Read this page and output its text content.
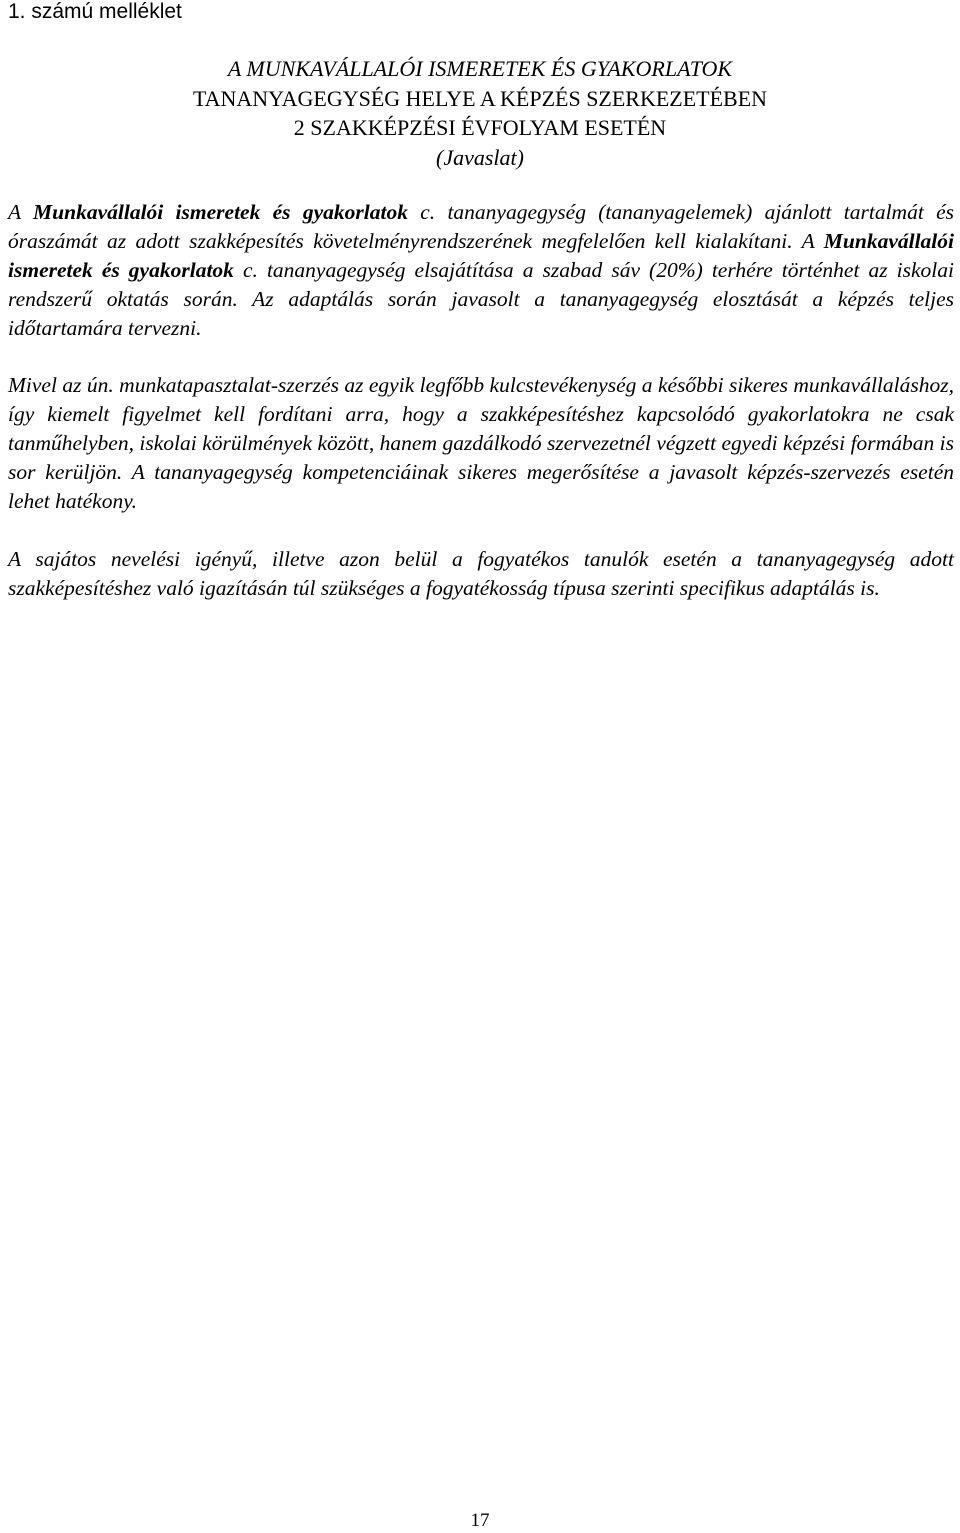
1. számú melléklet
A MUNKAVÁLLALÓI ISMERETEK ÉS GYAKORLATOK
TANANYAGEGYSÉG HELYE A KÉPZÉS SZERKEZETÉBEN
2 SZAKKÉPZÉSI ÉVFOLYAM ESETÉN
(Javaslat)

A Munkavállalói ismeretek és gyakorlatok c. tananyagegység (tananyagelemek) ajánlott tartalmát és óraszámát az adott szakképesítés követelményrendszerének megfelelően kell kialakítani. A Munkavállalói ismeretek és gyakorlatok c. tananyagegység elsajátítása a szabad sáv (20%) terhére történhet az iskolai rendszerű oktatás során. Az adaptálás során javasolt a tananyagegység elosztását a képzés teljes időtartamára tervezni.

Mivel az ún. munkatapasztalat-szerzés az egyik legfőbb kulcstevékenység a későbbi sikeres munkavállaláshoz, így kiemelt figyelmet kell fordítani arra, hogy a szakképesítéshez kapcsolódó gyakorlatokra ne csak tanműhelyben, iskolai körülmények között, hanem gazdálkodó szervezetnél végzett egyedi képzési formában is sor kerüljön. A tananyagegység kompetenciáinak sikeres megerősítése a javasolt képzés-szervezés esetén lehet hatékony.

A sajátos nevelési igényű, illetve azon belül a fogyatékos tanulók esetén a tananyagegység adott szakképesítéshez való igazításán túl szükséges a fogyatékosság típusa szerinti specifikus adaptálás is.

17
